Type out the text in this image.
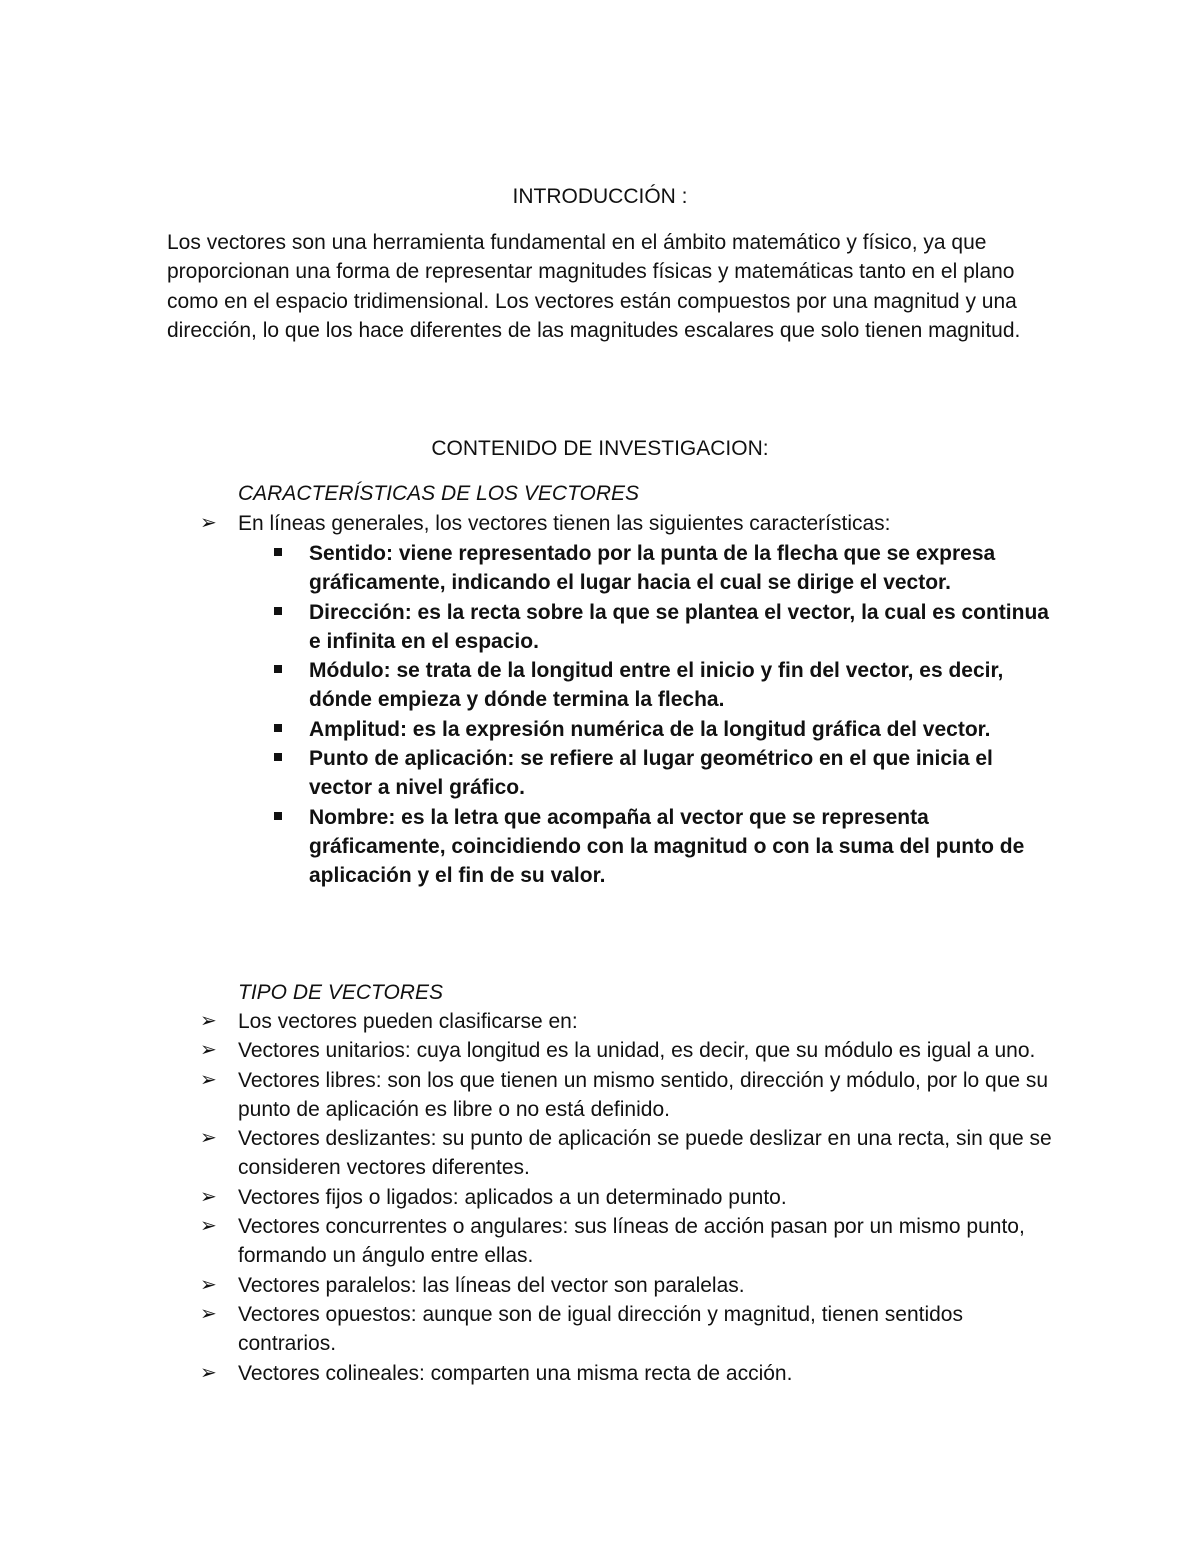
INTRODUCCIÓN :

Los vectores son una herramienta fundamental en el ámbito matemático y físico, ya que proporcionan una forma de representar magnitudes físicas y matemáticas tanto en el plano como en el espacio tridimensional. Los vectores están compuestos por una magnitud y una dirección, lo que los hace diferentes de las magnitudes escalares que solo tienen magnitud.

CONTENIDO DE INVESTIGACION:
CARACTERÍSTICAS DE LOS VECTORES
➢	En líneas generales, los vectores tienen las siguientes características:
Sentido: viene representado por la punta de la flecha que se expresa gráficamente, indicando el lugar hacia el cual se dirige el vector.
Dirección: es la recta sobre la que se plantea el vector, la cual es continua e infinita en el espacio.
Módulo: se trata de la longitud entre el inicio y fin del vector, es decir, dónde empieza y dónde termina la flecha.
Amplitud: es la expresión numérica de la longitud gráfica del vector.
Punto de aplicación: se refiere al lugar geométrico en el que inicia el vector a nivel gráfico.
Nombre: es la letra que acompaña al vector que se representa gráficamente, coincidiendo con la magnitud o con la suma del punto de aplicación y el fin de su valor.
TIPO DE VECTORES
➢	Los vectores pueden clasificarse en:
➢	Vectores unitarios: cuya longitud es la unidad, es decir, que su módulo es igual a uno.
➢	Vectores libres: son los que tienen un mismo sentido, dirección y módulo, por lo que su punto de aplicación es libre o no está definido.
➢	Vectores deslizantes: su punto de aplicación se puede deslizar en una recta, sin que se consideren vectores diferentes.
➢	Vectores fijos o ligados: aplicados a un determinado punto.
➢	Vectores concurrentes o angulares: sus líneas de acción pasan por un mismo punto, formando un ángulo entre ellas.
➢	Vectores paralelos: las líneas del vector son paralelas.
➢	Vectores opuestos: aunque son de igual dirección y magnitud, tienen sentidos contrarios.
➢	Vectores colineales: comparten una misma recta de acción.
